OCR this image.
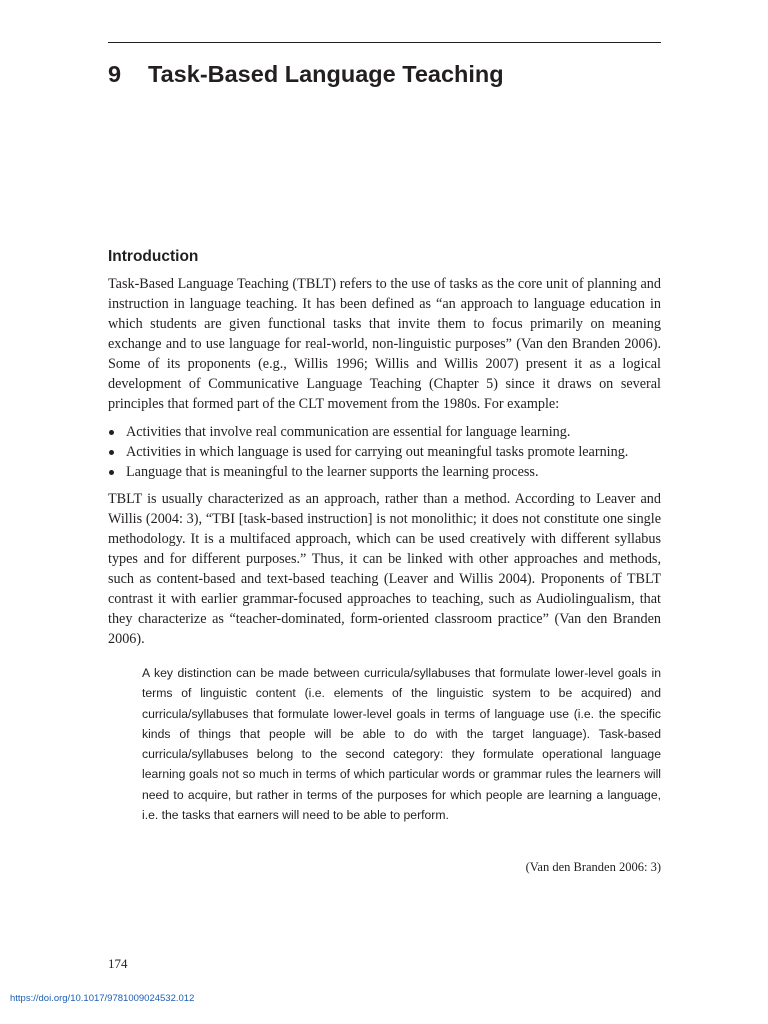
9 Task-Based Language Teaching
Introduction

Task-Based Language Teaching (TBLT) refers to the use of tasks as the core unit of planning and instruction in language teaching. It has been defined as “an approach to language education in which students are given functional tasks that invite them to focus primarily on meaning exchange and to use language for real-world, non-linguistic purposes” (Van den Branden 2006). Some of its proponents (e.g., Willis 1996; Willis and Willis 2007) present it as a logical development of Communicative Language Teaching (Chapter 5) since it draws on several principles that formed part of the CLT movement from the 1980s. For example:

Activities that involve real communication are essential for language learning.
Activities in which language is used for carrying out meaningful tasks promote learning.
Language that is meaningful to the learner supports the learning process.

TBLT is usually characterized as an approach, rather than a method. According to Leaver and Willis (2004: 3), “TBI [task-based instruction] is not monolithic; it does not constitute one single methodology. It is a multifaced approach, which can be used creatively with different syllabus types and for different purposes.” Thus, it can be linked with other approaches and methods, such as content-based and text-based teaching (Leaver and Willis 2004). Proponents of TBLT contrast it with earlier grammar-focused approaches to teaching, such as Audiolingualism, that they characterize as “teacher-dominated, form-oriented classroom practice” (Van den Branden 2006).

A key distinction can be made between curricula/syllabuses that formulate lower-level goals in terms of linguistic content (i.e. elements of the linguistic system to be acquired) and curricula/syllabuses that formulate lower-level goals in terms of language use (i.e. the specific kinds of things that people will be able to do with the target language). Task-based curricula/syllabuses belong to the second category: they formulate operational language learning goals not so much in terms of which particular words or grammar rules the learners will need to acquire, but rather in terms of the purposes for which people are learning a language, i.e. the tasks that earners will need to be able to perform.

(Van den Branden 2006: 3)

174

https://doi.org/10.1017/9781009024532.012
